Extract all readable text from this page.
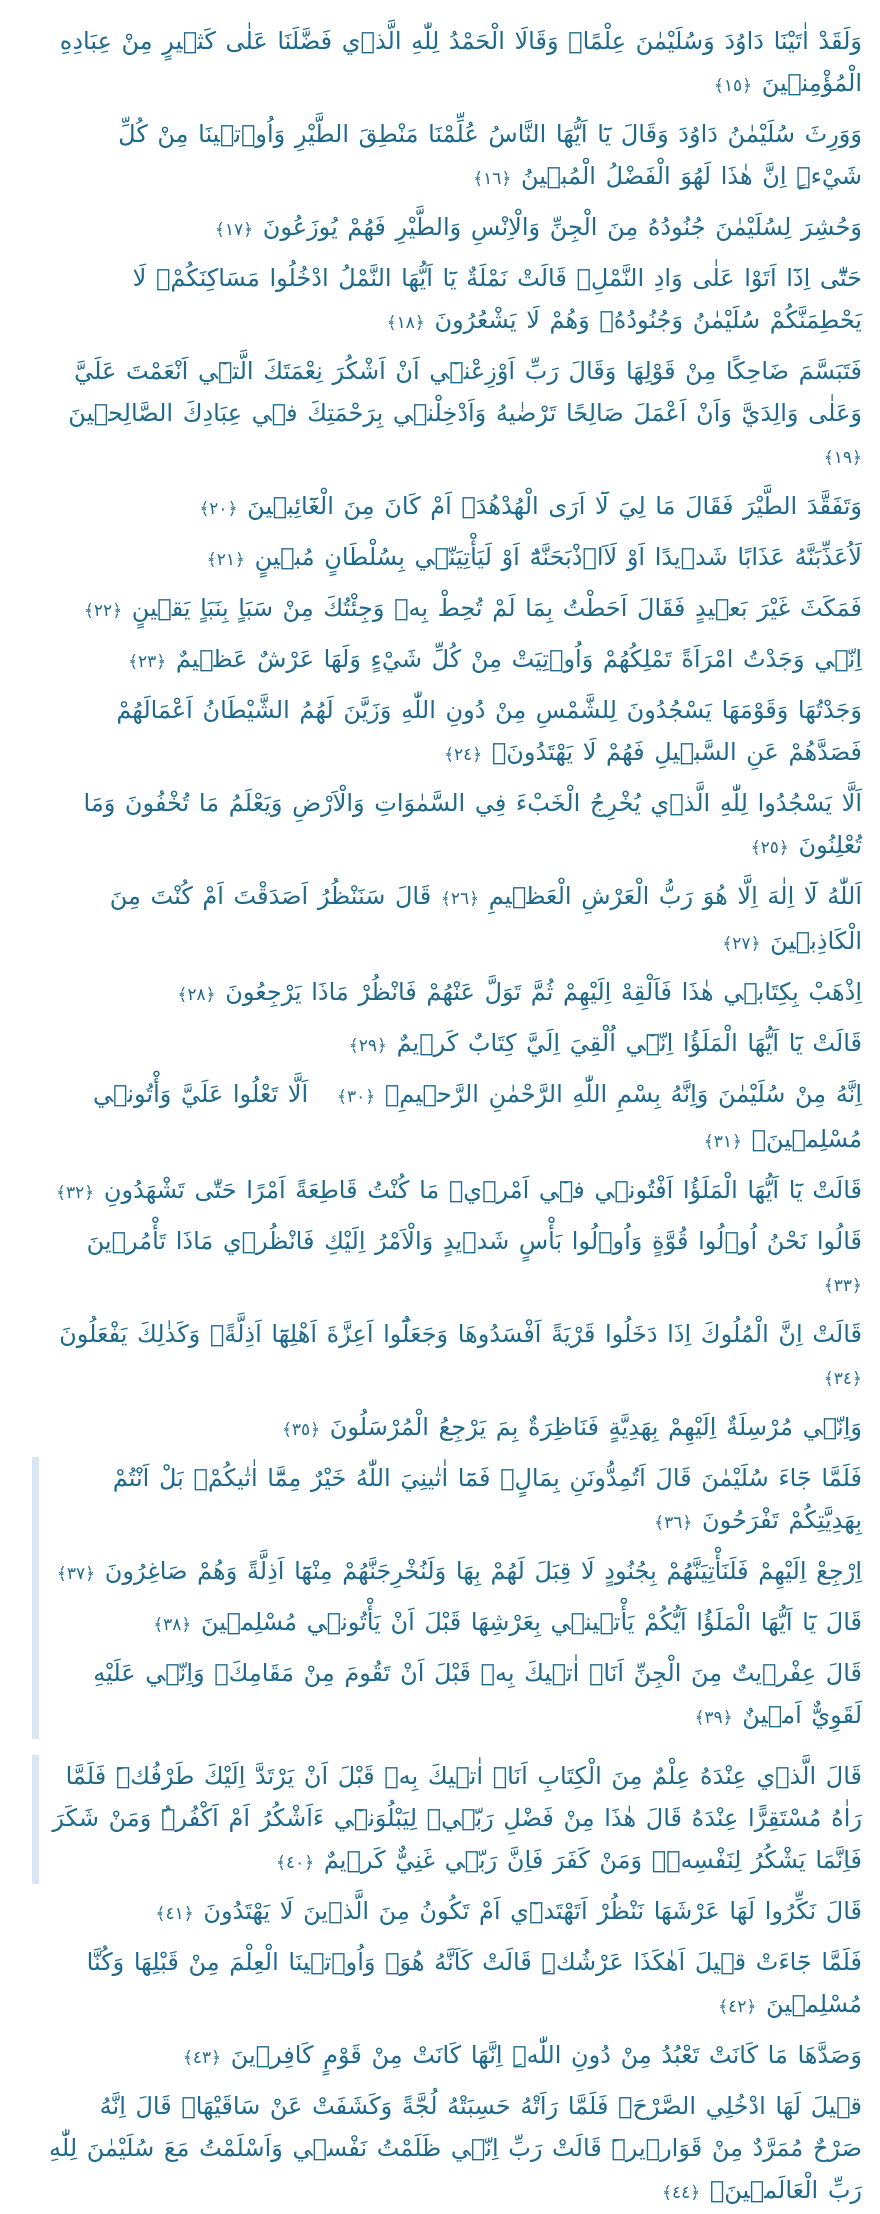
وَلَقَدْ اٰتَيْنَا دَاوُدَ وَسُلَيْمٰنَ عِلْمًاۚ وَقَالَا الْحَمْدُ لِلّٰهِ الَّذ۪ي فَضَّلَنَا عَلٰى كَث۪يرٍ مِنْ عِبَادِهِ الْمُؤْمِن۪ينَ ﴿١٥﴾

وَوَرِثَ سُلَيْمٰنُ دَاوُدَ وَقَالَ يَٓا اَيُّهَا النَّاسُ عُلِّمْنَا مَنْطِقَ الطَّيْرِ وَاُو۫ت۪ينَا مِنْ كُلِّ شَيْءٍۜ اِنَّ هٰذَا لَهُوَ الْفَضْلُ الْمُب۪ينُ ﴿١٦﴾

وَحُشِرَ لِسُلَيْمٰنَ جُنُودُهُ مِنَ الْجِنِّ وَالْاِنْسِ وَالطَّيْرِ فَهُمْ يُوزَعُونَ ﴿١٧﴾

حَتّٰٓى اِذَٓا اَتَوْا عَلٰى وَادِ النَّمْلِۙ قَالَتْ نَمْلَةٌ يَٓا اَيُّهَا النَّمْلُ ادْخُلُوا مَسَاكِنَكُمْۚ لَا يَحْطِمَنَّكُمْ سُلَيْمٰنُ وَجُنُودُهُۙ وَهُمْ لَا يَشْعُرُونَ ﴿١٨﴾

فَتَبَسَّمَ ضَاحِكًا مِنْ قَوْلِهَا وَقَالَ رَبِّ اَوْزِعْن۪ٓي اَنْ اَشْكُرَ نِعْمَتَكَ الَّت۪ٓي اَنْعَمْتَ عَلَيَّ وَعَلٰى وَالِدَيَّ وَاَنْ اَعْمَلَ صَالِحًا تَرْضٰيهُ وَاَدْخِلْن۪ي بِرَحْمَتِكَ ف۪ي عِبَادِكَ الصَّالِح۪ينَ ﴿١٩﴾

وَتَفَقَّدَ الطَّيْرَ فَقَالَ مَا لِيَ لَٓا اَرَى الْهُدْهُدَۘ اَمْ كَانَ مِنَ الْغَٓائِب۪ينَ ﴿٢٠﴾

لَاُعَذِّبَنَّهُ عَذَابًا شَد۪يدًا اَوْ لَاَا۬ذْبَحَنَّهُٓ اَوْ لَيَأْتِيَنّ۪ي بِسُلْطَانٍ مُب۪ينٍ ﴿٢١﴾

فَمَكَثَ غَيْرَ بَع۪يدٍ فَقَالَ اَحَطْتُ بِمَا لَمْ تُحِطْ بِه۪ وَجِئْتُكَ مِنْ سَبَاٍ بِنَبَاٍ يَق۪ينٍ ﴿٢٢﴾

اِنّ۪ي وَجَدْتُ امْرَاَةً تَمْلِكُهُمْ وَاُو۫تِيَتْ مِنْ كُلِّ شَيْءٍ وَلَهَا عَرْشٌ عَظ۪يمٌ ﴿٢٣﴾

وَجَدْتُهَا وَقَوْمَهَا يَسْجُدُونَ لِلشَّمْسِ مِنْ دُونِ اللّٰهِ وَزَيَّنَ لَهُمُ الشَّيْطَانُ اَعْمَالَهُمْ فَصَدَّهُمْ عَنِ السَّب۪يلِ فَهُمْ لَا يَهْتَدُونَۙ ﴿٢٤﴾

اَلَّا يَسْجُدُوا لِلّٰهِ الَّذ۪ي يُخْرِجُ الْخَبْءَ فِي السَّمٰوَاتِ وَالْاَرْضِ وَيَعْلَمُ مَا تُخْفُونَ وَمَا تُعْلِنُونَ ﴿٢٥﴾

اَللّٰهُ لَٓا اِلٰهَ اِلَّا هُوَ رَبُّ الْعَرْشِ الْعَظ۪يمِ ﴿٢٦﴾ قَالَ سَنَنْظُرُ اَصَدَقْتَ اَمْ كُنْتَ مِنَ الْكَاذِب۪ينَ ﴿٢٧﴾

اِذْهَبْ بِكِتَاب۪ي هٰذَا فَاَلْقِهْ اِلَيْهِمْ ثُمَّ تَوَلَّ عَنْهُمْ فَانْظُرْ مَاذَا يَرْجِعُونَ ﴿٢٨﴾

قَالَتْ يَٓا اَيُّهَا الْمَلَؤُا اِنّ۪ٓي اُلْقِيَ اِلَيَّ كِتَابٌ كَر۪يمٌ ﴿٢٩﴾

اِنَّهُ مِنْ سُلَيْمٰنَ وَاِنَّهُ بِسْمِ اللّٰهِ الرَّحْمٰنِ الرَّح۪يمِۙ ﴿٣٠﴾   اَلَّا تَعْلُوا عَلَيَّ وَأْتُون۪ي مُسْلِم۪ينَ۟ ﴿٣١﴾

قَالَتْ يَٓا اَيُّهَا الْمَلَؤُا اَفْتُون۪ي ف۪ٓي اَمْر۪يۚ مَا كُنْتُ قَاطِعَةً اَمْرًا حَتّٰى تَشْهَدُونِ ﴿٣٢﴾

قَالُوا نَحْنُ اُو۬لُوا قُوَّةٍ وَاُو۬لُوا بَأْسٍ شَد۪يدٍ وَالْاَمْرُ اِلَيْكِ فَانْظُر۪ي مَاذَا تَأْمُر۪ينَ ﴿٣٣﴾

قَالَتْ اِنَّ الْمُلُوكَ اِذَا دَخَلُوا قَرْيَةً اَفْسَدُوهَا وَجَعَلُٓوا اَعِزَّةَ اَهْلِهَٓا اَذِلَّةًۚ وَكَذٰلِكَ يَفْعَلُونَ ﴿٣٤﴾

وَاِنّ۪ي مُرْسِلَةٌ اِلَيْهِمْ بِهَدِيَّةٍ فَنَاظِرَةٌ بِمَ يَرْجِعُ الْمُرْسَلُونَ ﴿٣٥﴾

فَلَمَّا جَٓاءَ سُلَيْمٰنَ قَالَ اَتُمِدُّونَنِ بِمَالٍۘ فَمَٓا اٰتٰينِيَ اللّٰهُ خَيْرٌ مِمَّٓا اٰتٰيكُمْۚ بَلْ اَنْتُمْ بِهَدِيَّتِكُمْ تَفْرَحُونَ ﴿٣٦﴾

اِرْجِعْ اِلَيْهِمْ فَلَنَأْتِيَنَّهُمْ بِجُنُودٍ لَا قِبَلَ لَهُمْ بِهَا وَلَنُخْرِجَنَّهُمْ مِنْهَٓا اَذِلَّةً وَهُمْ صَاغِرُونَ ﴿٣٧﴾

قَالَ يَٓا اَيُّهَا الْمَلَؤُا اَيُّكُمْ يَأْت۪ين۪ي بِعَرْشِهَا قَبْلَ اَنْ يَأْتُون۪ي مُسْلِم۪ينَ ﴿٣٨﴾

قَالَ عِفْر۪يتٌ مِنَ الْجِنِّ اَنَا۬ اٰت۪يكَ بِه۪ قَبْلَ اَنْ تَقُومَ مِنْ مَقَامِكَۚ وَاِنّ۪ي عَلَيْهِ لَقَوِيٌّ اَم۪ينٌ ﴿٣٩﴾

قَالَ الَّذ۪ي عِنْدَهُ عِلْمٌ مِنَ الْكِتَابِ اَنَا۬ اٰت۪يكَ بِه۪ قَبْلَ اَنْ يَرْتَدَّ اِلَيْكَ طَرْفُكَۜ فَلَمَّا رَاٰهُ مُسْتَقِرًّا عِنْدَهُ قَالَ هٰذَا مِنْ فَضْلِ رَبّ۪يۜ لِيَبْلُوَن۪ٓي ءَاَشْكُرُ اَمْ اَكْفُرُۜ وَمَنْ شَكَرَ فَاِنَّمَا يَشْكُرُ لِنَفْسِه۪ۚ وَمَنْ كَفَرَ فَاِنَّ رَبّ۪ي غَنِيٌّ كَر۪يمٌ ﴿٤٠﴾

قَالَ نَكِّرُوا لَهَا عَرْشَهَا نَنْظُرْ اَتَهْتَد۪ٓي اَمْ تَكُونُ مِنَ الَّذ۪ينَ لَا يَهْتَدُونَ ﴿٤١﴾

فَلَمَّا جَٓاءَتْ ق۪يلَ اَهٰكَذَا عَرْشُكِۜ قَالَتْ كَاَنَّهُ هُوَۚ وَاُو۫ت۪ينَا الْعِلْمَ مِنْ قَبْلِهَا وَكُنَّا مُسْلِم۪ينَ ﴿٤٢﴾

وَصَدَّهَا مَا كَانَتْ تَعْبُدُ مِنْ دُونِ اللّٰهِۜ اِنَّهَا كَانَتْ مِنْ قَوْمٍ كَافِر۪ينَ ﴿٤٣﴾

ق۪يلَ لَهَا ادْخُلِي الصَّرْحَۚ فَلَمَّا رَاَتْهُ حَسِبَتْهُ لُجَّةً وَكَشَفَتْ عَنْ سَاقَيْهَاۜ قَالَ اِنَّهُ صَرْحٌ مُمَرَّدٌ مِنْ قَوَار۪يرَۜ قَالَتْ رَبِّ اِنّ۪ي ظَلَمْتُ نَفْس۪ي وَاَسْلَمْتُ مَعَ سُلَيْمٰنَ لِلّٰهِ رَبِّ الْعَالَم۪ينَ۟ ﴿٤٤﴾
